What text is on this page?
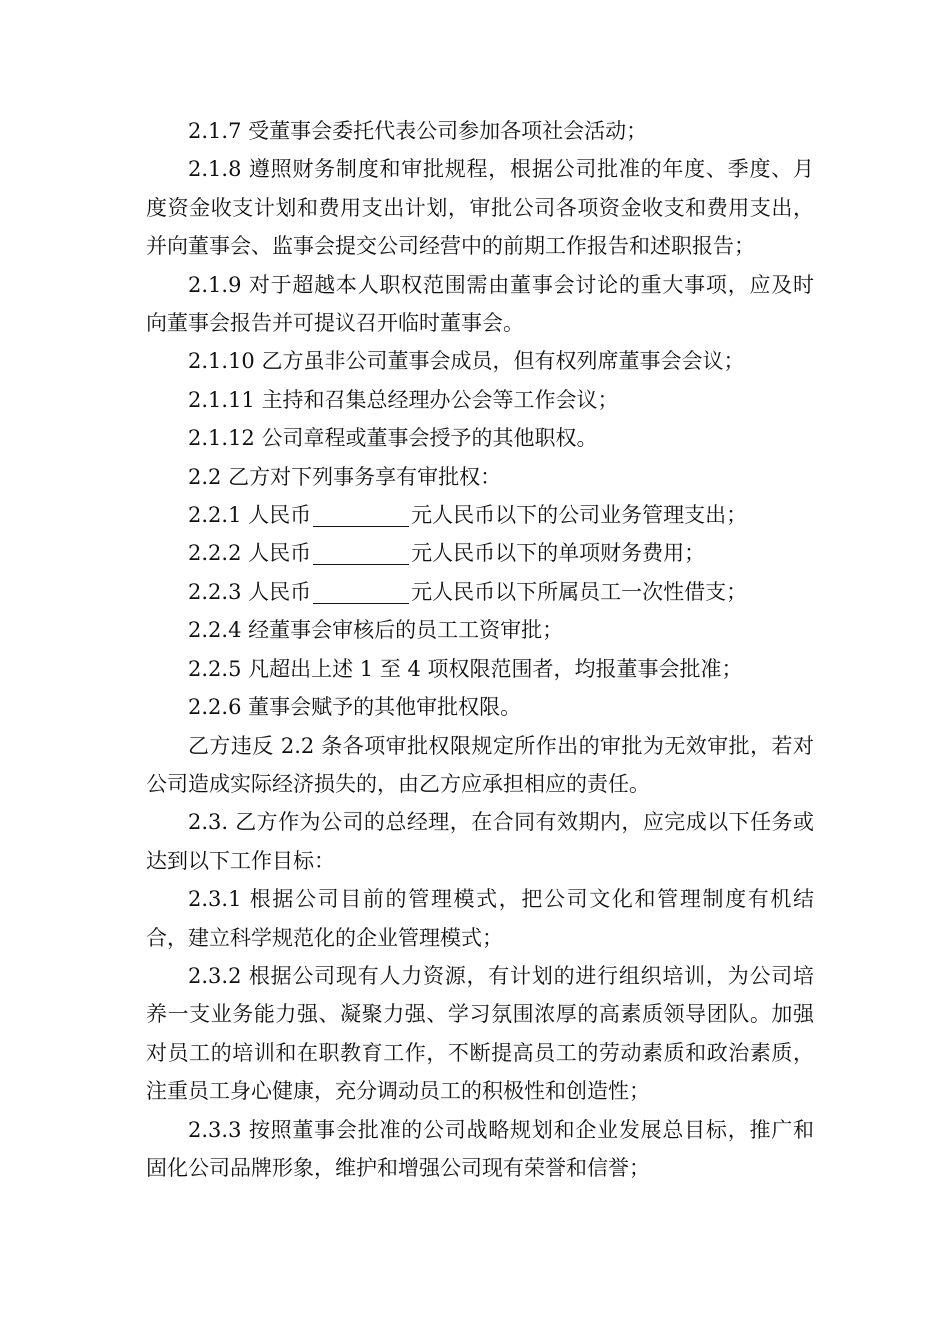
2.1.7 受董事会委托代表公司参加各项社会活动；

2.1.8 遵照财务制度和审批规程，根据公司批准的年度、季度、月度资金收支计划和费用支出计划，审批公司各项资金收支和费用支出，并向董事会、监事会提交公司经营中的前期工作报告和述职报告；

2.1.9 对于超越本人职权范围需由董事会讨论的重大事项，应及时向董事会报告并可提议召开临时董事会。

2.1.10 乙方虽非公司董事会成员，但有权列席董事会会议；

2.1.11 主持和召集总经理办公会等工作会议；

2.1.12 公司章程或董事会授予的其他职权。

2.2 乙方对下列事务享有审批权：

2.2.1 人民币	元人民币以下的公司业务管理支出；

2.2.2 人民币	元人民币以下的单项财务费用；

2.2.3 人民币	元人民币以下所属员工一次性借支；

2.2.4 经董事会审核后的员工工资审批；

2.2.5 凡超出上述 1 至 4 项权限范围者，均报董事会批准；

2.2.6 董事会赋予的其他审批权限。

乙方违反 2.2 条各项审批权限规定所作出的审批为无效审批，若对公司造成实际经济损失的，由乙方应承担相应的责任。

2.3. 乙方作为公司的总经理，在合同有效期内，应完成以下任务或达到以下工作目标：

2.3.1 根据公司目前的管理模式，把公司文化和管理制度有机结合，建立科学规范化的企业管理模式；

2.3.2 根据公司现有人力资源，有计划的进行组织培训，为公司培养一支业务能力强、凝聚力强、学习氛围浓厚的高素质领导团队。加强对员工的培训和在职教育工作，不断提高员工的劳动素质和政治素质，注重员工身心健康，充分调动员工的积极性和创造性；

2.3.3 按照董事会批准的公司战略规划和企业发展总目标，推广和固化公司品牌形象，维护和增强公司现有荣誉和信誉；
